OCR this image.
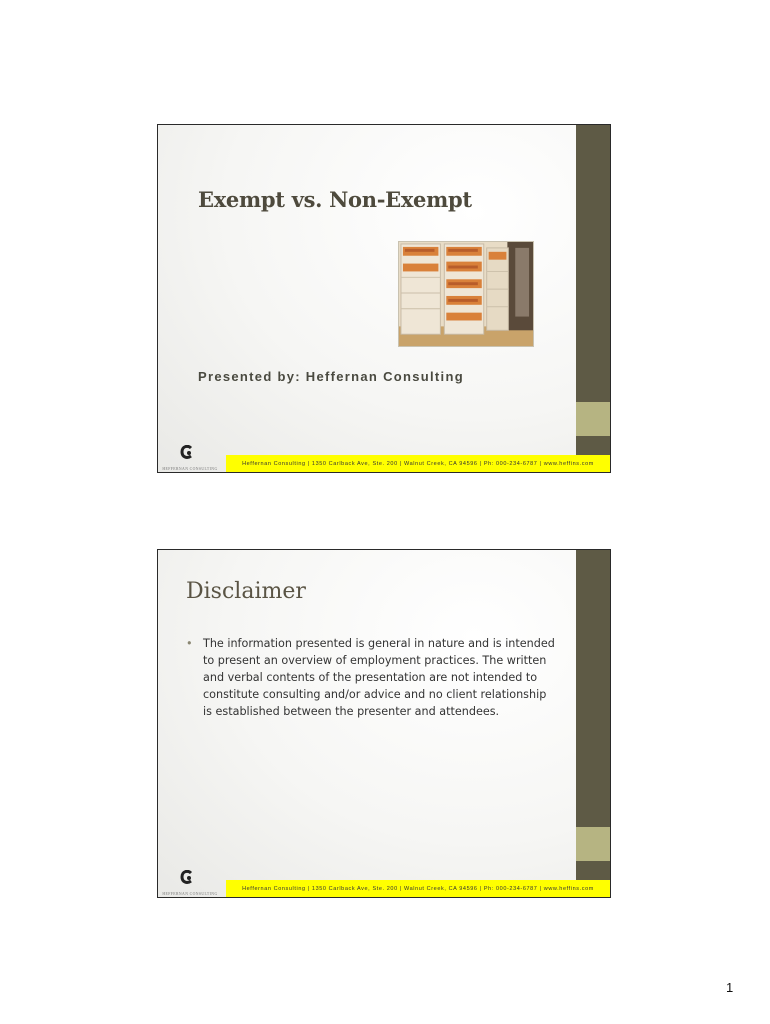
Exempt vs. Non-Exempt
Presented by: Heffernan Consulting
HEFFERNAN CONSULTING
Heffernan Consulting | 1350 Carlback Ave, Ste. 200 | Walnut Creek, CA 94596 | Ph: 000-234-6787 | www.heffins.com
Disclaimer
• The information presented is general in nature and is intended to present an overview of employment practices. The written and verbal contents of the presentation are not intended to constitute consulting and/or advice and no client relationship is established between the presenter and attendees.
HEFFERNAN CONSULTING
Heffernan Consulting | 1350 Carlback Ave, Ste. 200 | Walnut Creek, CA 94596 | Ph: 000-234-6787 | www.heffins.com
1
